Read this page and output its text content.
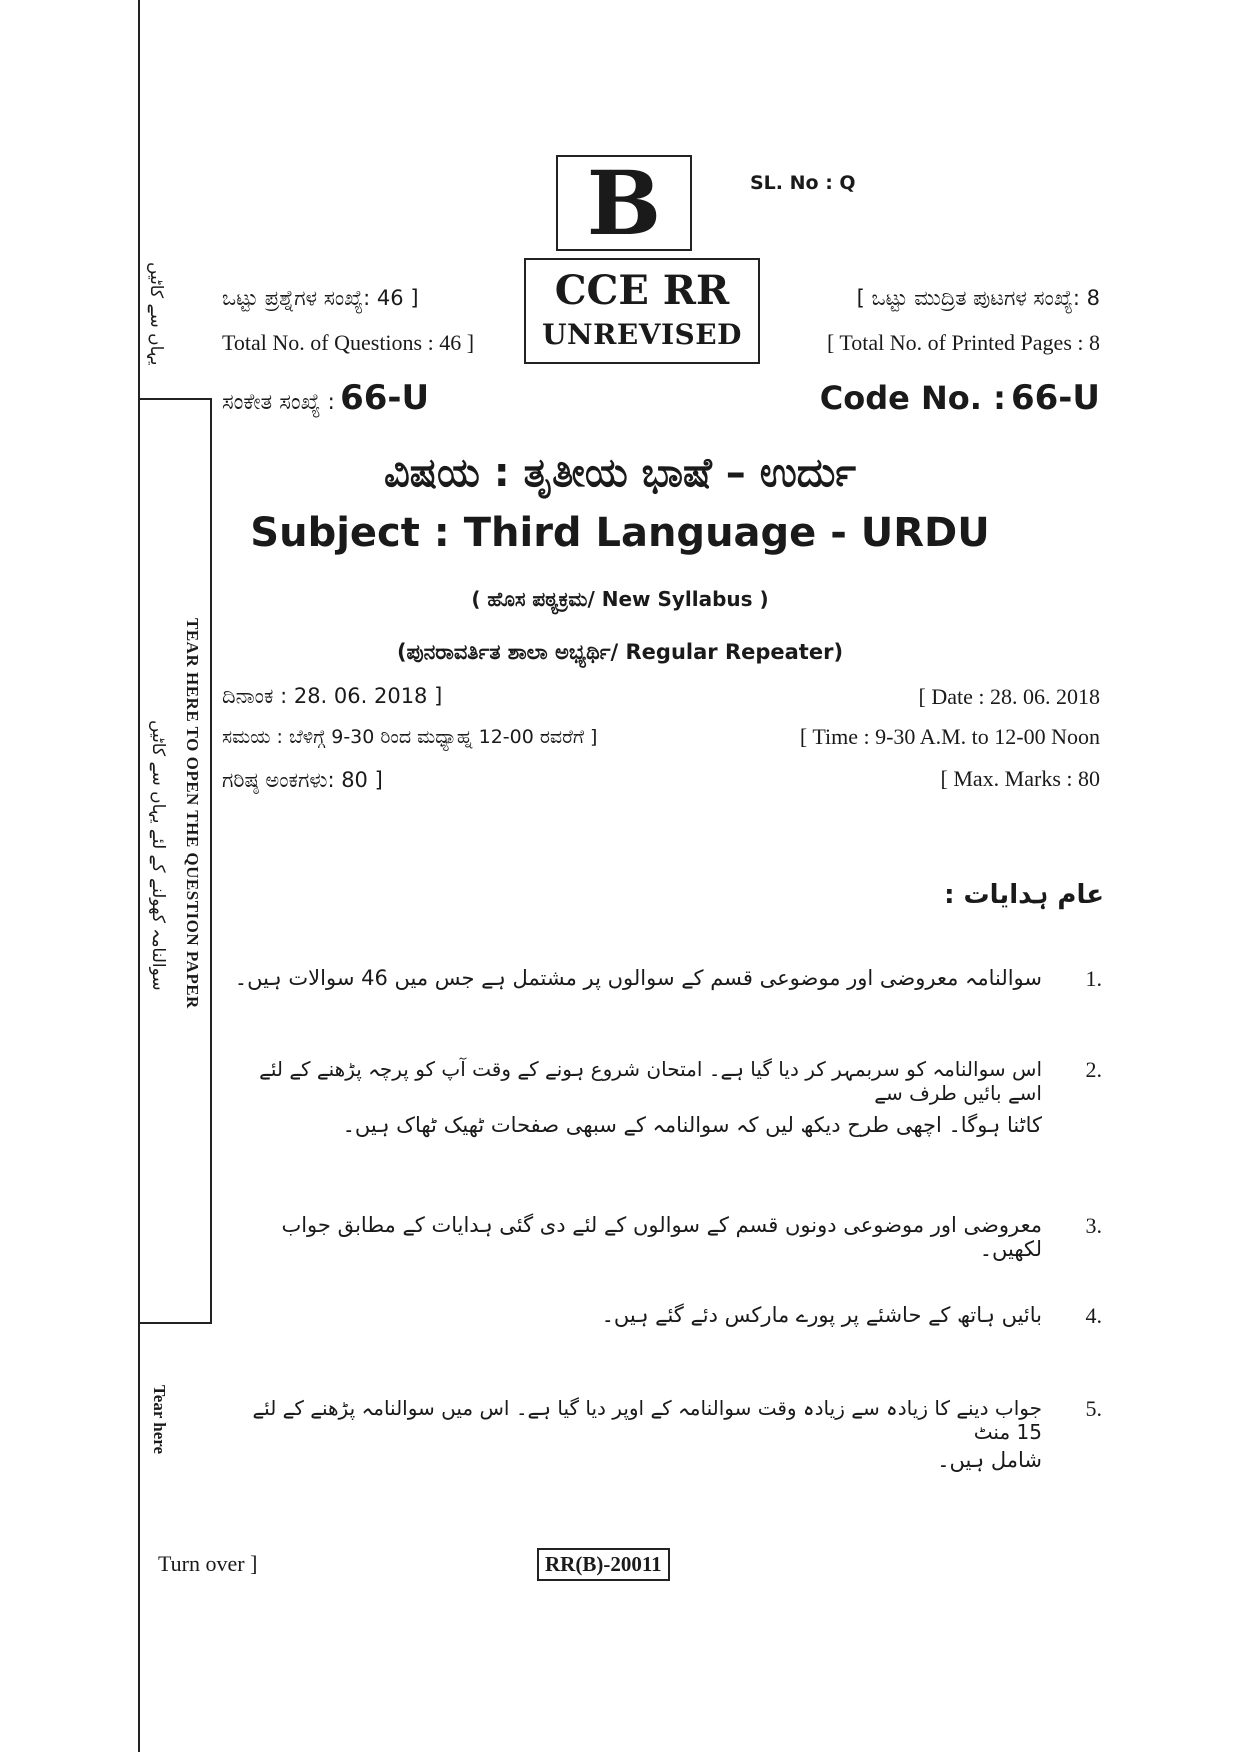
یہاں سے کاٹیں
TEAR HERE TO OPEN THE QUESTION PAPER
سوالنامہ کھولنے کے لئے یہاں سے کاٹیں
Tear here
B	SL. No : Q
CCE RR
UNREVISED
ಒಟ್ಟು ಪ್ರಶ್ನೆಗಳ ಸಂಖ್ಯೆ: 46 ]
Total No. of Questions : 46 ]
[ ಒಟ್ಟು ಮುದ್ರಿತ ಪುಟಗಳ ಸಂಖ್ಯೆ: 8
[ Total No. of Printed Pages : 8
ಸಂಕೇತ ಸಂಖ್ಯೆ : 66-U	Code No. : 66-U
ವಿಷಯ : ತೃತೀಯ ಭಾಷೆ – ಉರ್ದು
Subject : Third Language - URDU
( ಹೊಸ ಪಠ್ಯಕ್ರಮ/ New Syllabus )
(ಪುನರಾವರ್ತಿತ ಶಾಲಾ ಅಭ್ಯರ್ಥಿ/ Regular Repeater)
ದಿನಾಂಕ : 28. 06. 2018 ]	[ Date : 28. 06. 2018
ಸಮಯ : ಬೆಳಿಗ್ಗೆ 9-30 ರಿಂದ ಮಧ್ಯಾಹ್ನ 12-00 ರವರೆಗೆ ]	[ Time : 9-30 A.M. to 12-00 Noon
ಗರಿಷ್ಠ ಅಂಕಗಳು: 80 ]	[ Max. Marks : 80
عام ہدایات :
1.
سوالنامہ معروضی اور موضوعی قسم کے سوالوں پر مشتمل ہے جس میں 46 سوالات ہیں۔
2.
اس سوالنامہ کو سربمہر کر دیا گیا ہے۔ امتحان شروع ہونے کے وقت آپ کو پرچہ پڑھنے کے لئے اسے بائیں طرف سے
کاٹنا ہوگا۔ اچھی طرح دیکھ لیں کہ سوالنامہ کے سبھی صفحات ٹھیک ٹھاک ہیں۔
3.
معروضی اور موضوعی دونوں قسم کے سوالوں کے لئے دی گئی ہدایات کے مطابق جواب لکھیں۔
4.
بائیں ہاتھ کے حاشئے پر پورے مارکس دئے گئے ہیں۔
5.
جواب دینے کا زیادہ سے زیادہ وقت سوالنامہ کے اوپر دیا گیا ہے۔ اس میں سوالنامہ پڑھنے کے لئے 15 منٹ
شامل ہیں۔
Turn over ]	RR(B)-20011
